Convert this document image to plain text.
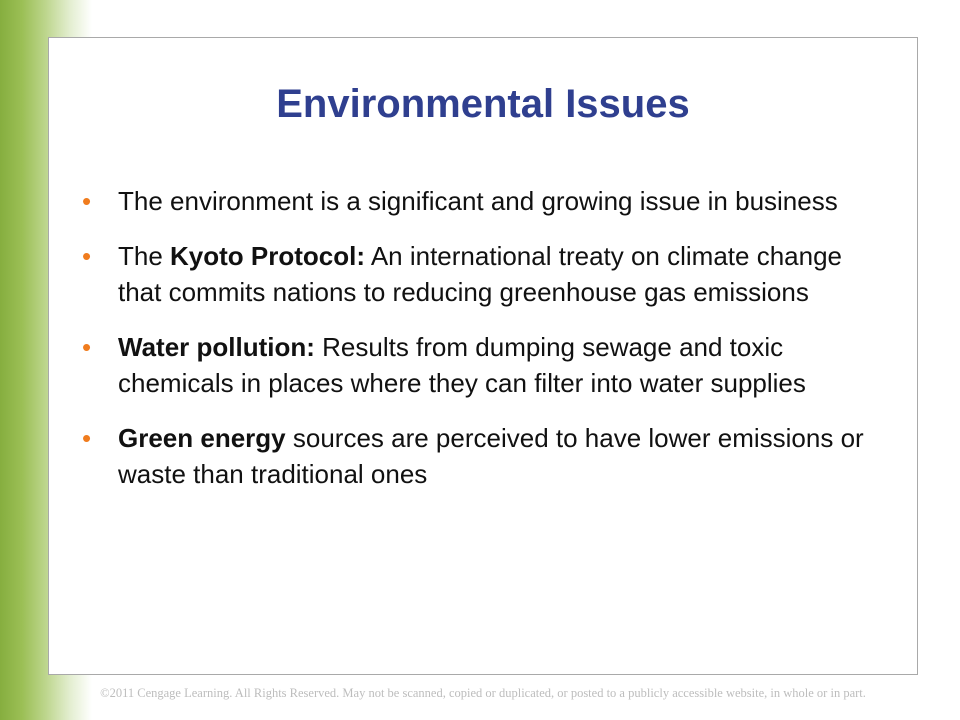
Environmental Issues
• The environment is a significant and growing issue in business
• The Kyoto Protocol: An international treaty on climate change that commits nations to reducing greenhouse gas emissions
• Water pollution: Results from dumping sewage and toxic chemicals in places where they can filter into water supplies
• Green energy sources are perceived to have lower emissions or waste than traditional ones
©2011 Cengage Learning. All Rights Reserved. May not be scanned, copied or duplicated, or posted to a publicly accessible website, in whole or in part.
